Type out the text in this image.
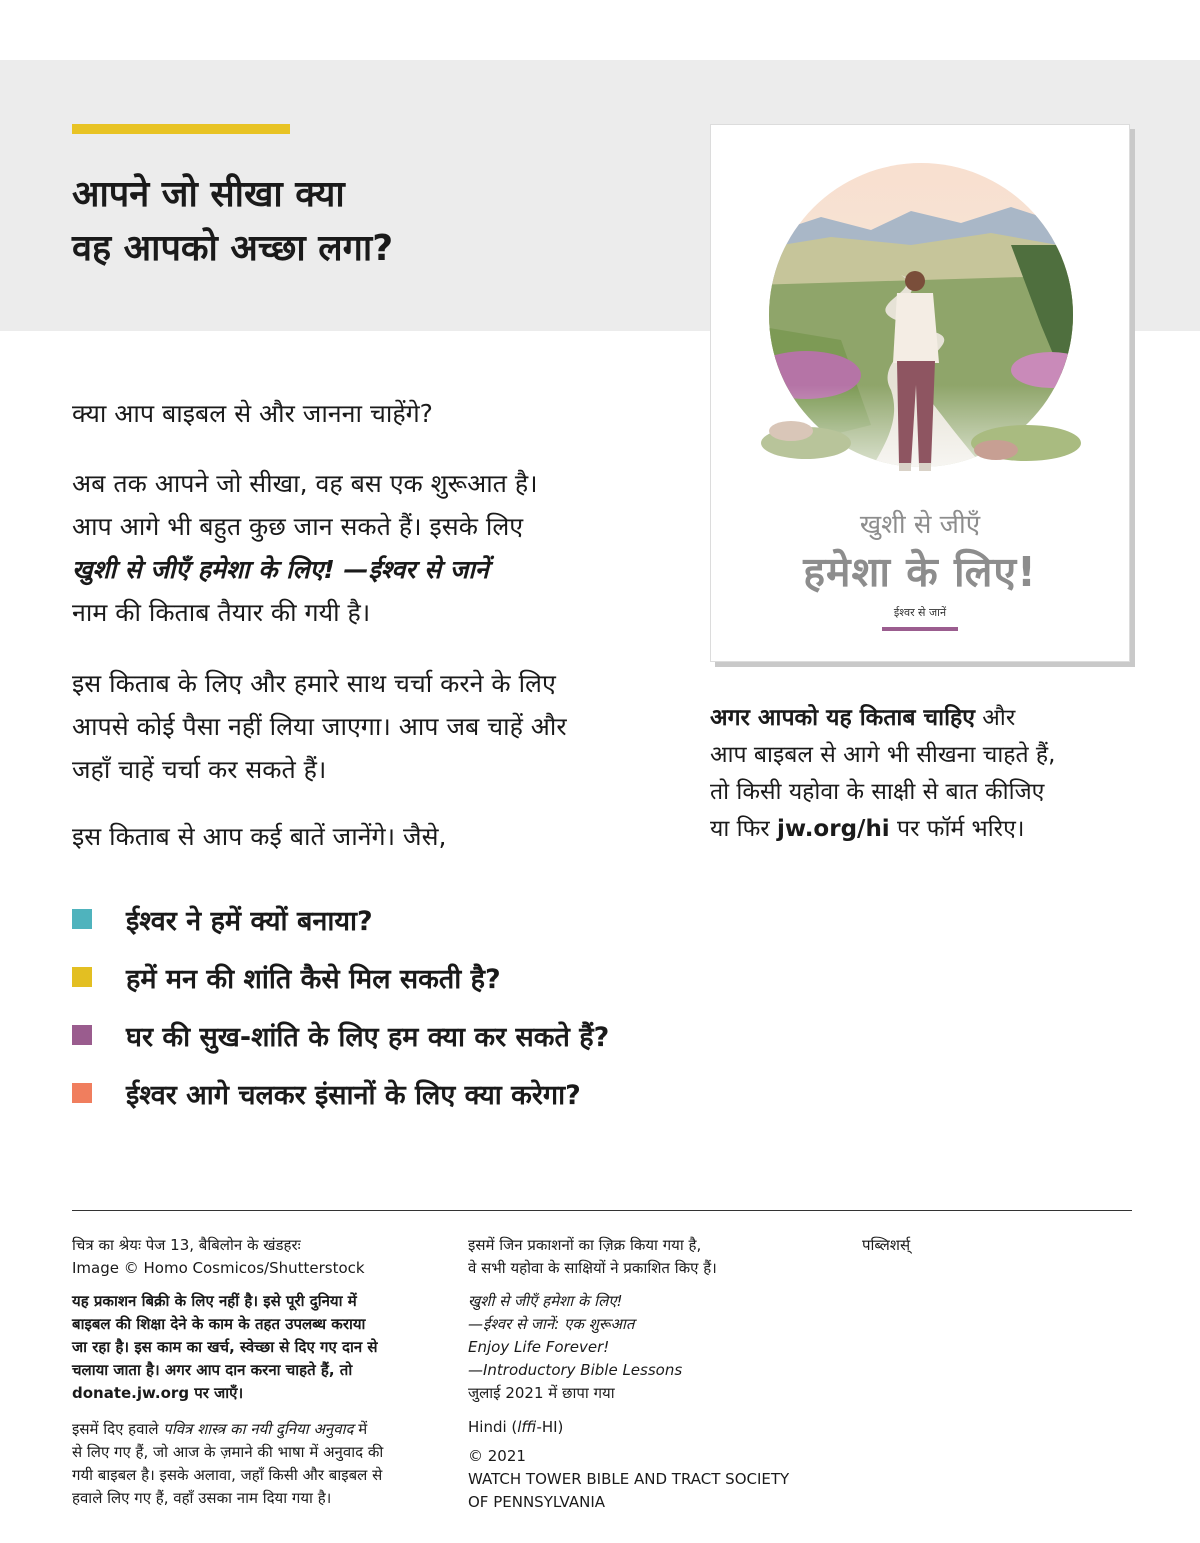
आपने जो सीखा क्या
वह आपको अच्छा लगा?

क्या आप बाइबल से और जानना चाहेंगे?

अब तक आपने जो सीखा, वह बस एक शुरूआत है।
आप आगे भी बहुत कुछ जान सकते हैं। इसके लिए
खुशी से जीएँ हमेशा के लिए! —ईश्‍वर से जानें
नाम की किताब तैयार की गयी है।

इस किताब के लिए और हमारे साथ चर्चा करने के लिए
आपसे कोई पैसा नहीं लिया जाएगा। आप जब चाहें और
जहाँ चाहें चर्चा कर सकते हैं।

इस किताब से आप कई बातें जानेंगे। जैसे,

ईश्‍वर ने हमें क्यों बनाया?
हमें मन की शांति कैसे मिल सकती है?
घर की सुख-शांति के लिए हम क्या कर सकते हैं?
ईश्‍वर आगे चलकर इंसानों के लिए क्या करेगा?
खुशी से जीएँ
हमेशा के लिए!
ईश्‍वर से जानें

अगर आपको यह किताब चाहिए और
आप बाइबल से आगे भी सीखना चाहते हैं,
तो किसी यहोवा के साक्षी से बात कीजिए
या फिर jw.org/hi पर फॉर्म भरिए।

चित्र का श्रेयः पेज 13, बैबिलोन के खंडहरः
Image © Homo Cosmicos/Shutterstock

यह प्रकाशन बिक्री के लिए नहीं है। इसे पूरी दुनिया में
बाइबल की शिक्षा देने के काम के तहत उपलब्ध कराया
जा रहा है। इस काम का खर्च, स्वेच्छा से दिए गए दान से
चलाया जाता है। अगर आप दान करना चाहते हैं, तो
donate.jw.org पर जाएँ।

इसमें दिए हवाले पवित्र शास्त्र का नयी दुनिया अनुवाद में
से लिए गए हैं, जो आज के ज़माने की भाषा में अनुवाद की
गयी बाइबल है। इसके अलावा, जहाँ किसी और बाइबल से
हवाले लिए गए हैं, वहाँ उसका नाम दिया गया है।

इसमें जिन प्रकाशनों का ज़िक्र किया गया है,
वे सभी यहोवा के साक्षियों ने प्रकाशित किए हैं।

खुशी से जीएँ हमेशा के लिए!
—ईश्‍वर से जानें: एक शुरूआत
Enjoy Life Forever!
—Introductory Bible Lessons
जुलाई 2021 में छापा गया

Hindi (lffi-HI)

© 2021
WATCH TOWER BIBLE AND TRACT SOCIETY
OF PENNSYLVANIA

पब्लिशर्स्
